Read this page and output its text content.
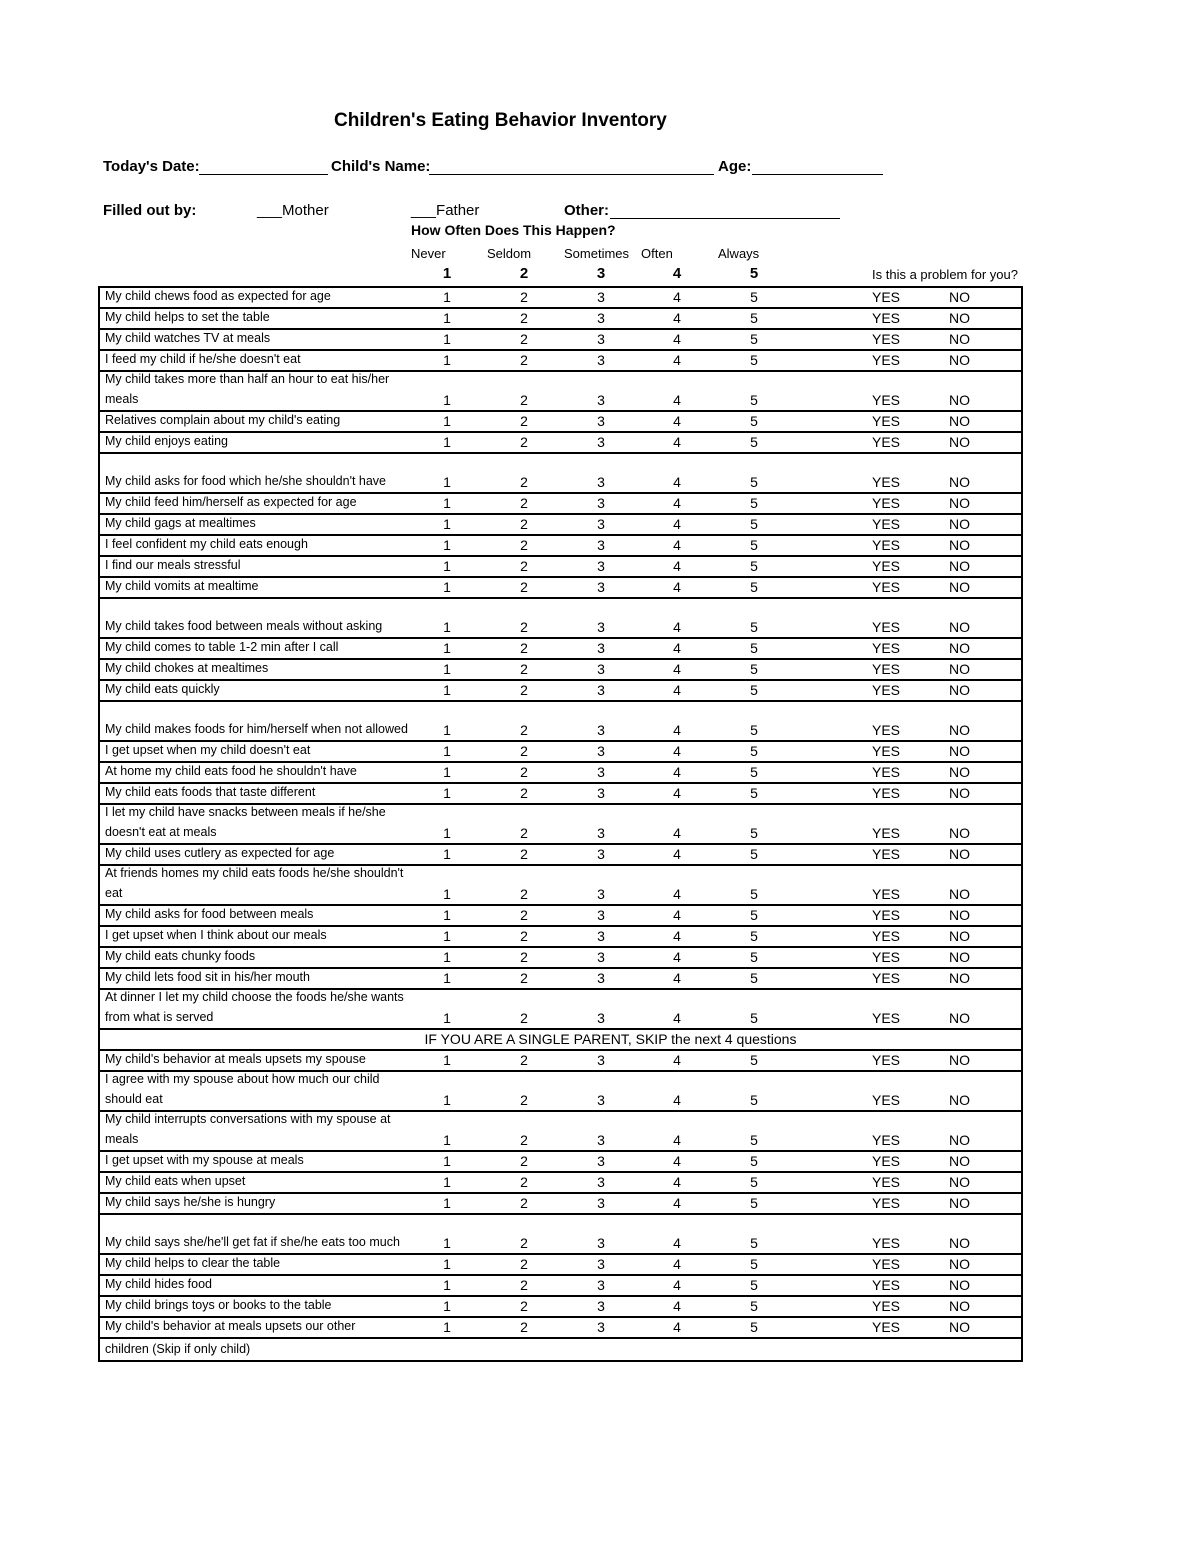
Children's Eating Behavior Inventory
Today's Date:	Child's Name:	Age:
Filled out by:	___Mother	___Father	Other:
How Often Does This Happen?
Never	Seldom	Sometimes Often	Always
1	2	3	4	5	Is this a problem for you?
My child chews food as expected for age	1	2	3	4	5	YES	NO
My child helps to set the table	1	2	3	4	5	YES	NO
My child watches TV at meals	1	2	3	4	5	YES	NO
I feed my child if he/she doesn't eat	1	2	3	4	5	YES	NO
My child takes more than half an hour to eat his/her meals	1	2	3	4	5	YES	NO
Relatives complain about my child's eating	1	2	3	4	5	YES	NO
My child enjoys eating	1	2	3	4	5	YES	NO
My child asks for food which he/she shouldn't have	1	2	3	4	5	YES	NO
My child feed him/herself as expected for age	1	2	3	4	5	YES	NO
My child gags at mealtimes	1	2	3	4	5	YES	NO
I feel confident my child eats enough	1	2	3	4	5	YES	NO
I find our meals stressful	1	2	3	4	5	YES	NO
My child vomits at mealtime	1	2	3	4	5	YES	NO
My child takes food between meals without asking	1	2	3	4	5	YES	NO
My child comes to table 1-2 min after I call	1	2	3	4	5	YES	NO
My child chokes at mealtimes	1	2	3	4	5	YES	NO
My child eats quickly	1	2	3	4	5	YES	NO
My child makes foods for him/herself when not allowed	1	2	3	4	5	YES	NO
I get upset when my child doesn't eat	1	2	3	4	5	YES	NO
At home my child eats food he shouldn't have	1	2	3	4	5	YES	NO
My child eats foods that taste different	1	2	3	4	5	YES	NO
I let my child have snacks between meals if he/she doesn't eat at meals	1	2	3	4	5	YES	NO
My child uses cutlery as expected for age	1	2	3	4	5	YES	NO
At friends homes my child eats foods he/she shouldn't eat	1	2	3	4	5	YES	NO
My child asks for food between meals	1	2	3	4	5	YES	NO
I get upset when I think about our meals	1	2	3	4	5	YES	NO
My child eats chunky foods	1	2	3	4	5	YES	NO
My child lets food sit in his/her mouth	1	2	3	4	5	YES	NO
At dinner I let my child choose the foods he/she wants from what is served	1	2	3	4	5	YES	NO
IF YOU ARE A SINGLE PARENT, SKIP the next 4 questions
My child's behavior at meals upsets my spouse	1	2	3	4	5	YES	NO
I agree with my spouse about how much our child should eat	1	2	3	4	5	YES	NO
My child interrupts conversations with my spouse at meals	1	2	3	4	5	YES	NO
I get upset with my spouse at meals	1	2	3	4	5	YES	NO
My child eats when upset	1	2	3	4	5	YES	NO
My child says he/she is hungry	1	2	3	4	5	YES	NO
My child says she/he'll get fat if she/he eats too much	1	2	3	4	5	YES	NO
My child helps to clear the table	1	2	3	4	5	YES	NO
My child hides food	1	2	3	4	5	YES	NO
My child brings toys or books to the table	1	2	3	4	5	YES	NO
My child's behavior at meals upsets our other	1	2	3	4	5	YES	NO
children (Skip if only child)
